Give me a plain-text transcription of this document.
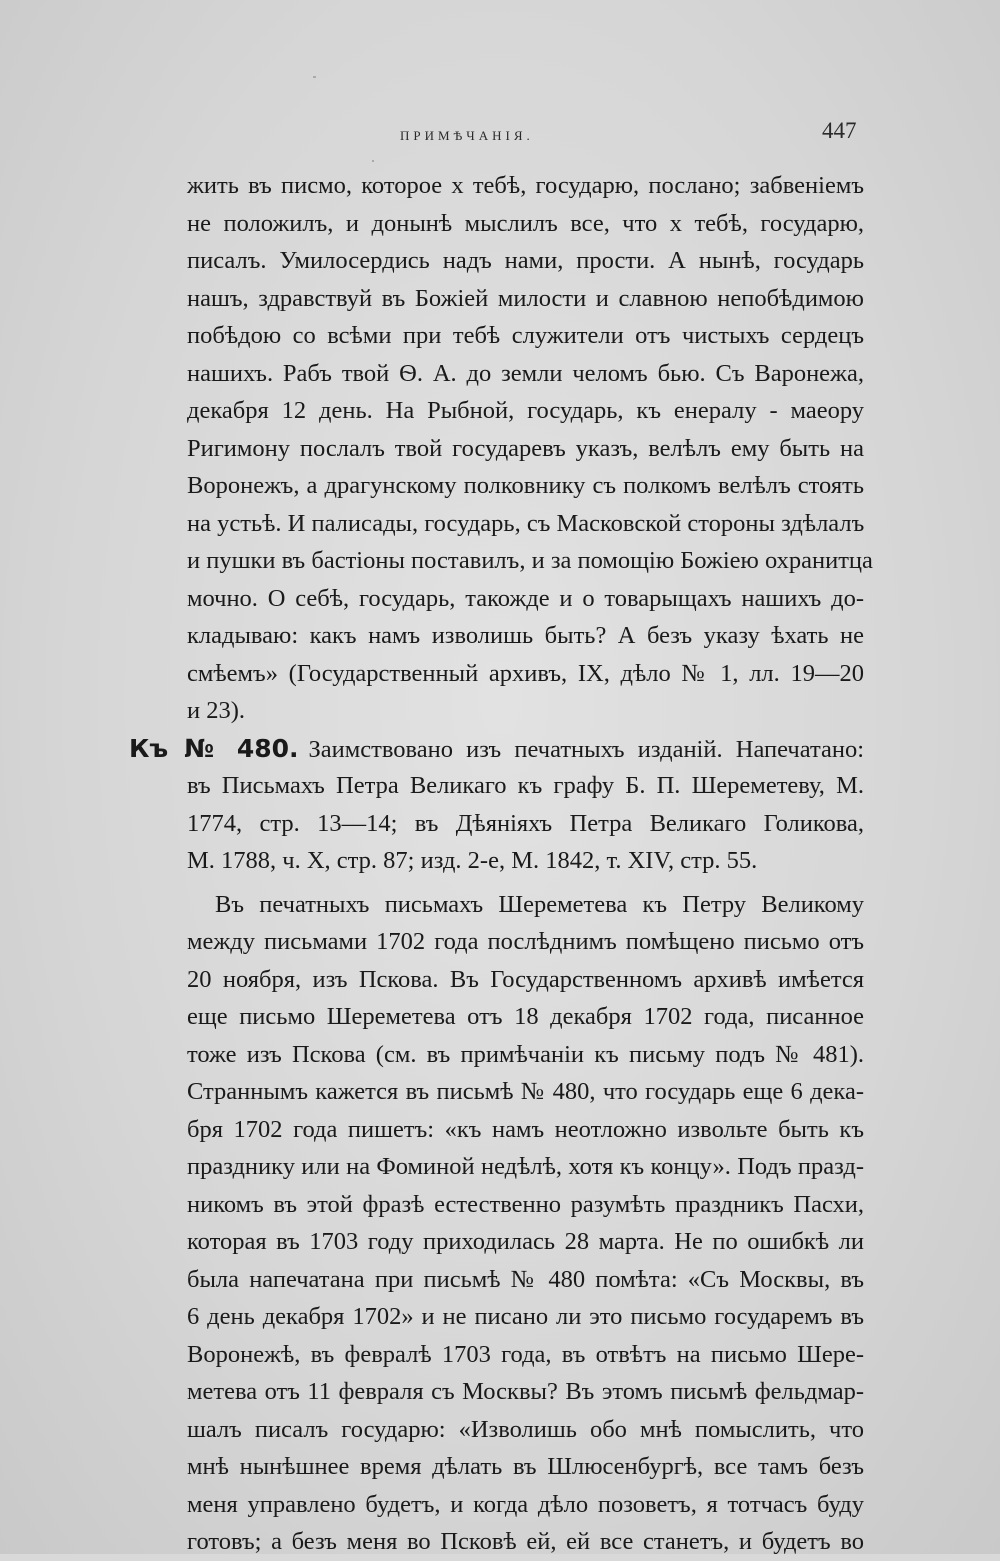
ПРИМѢЧАНІЯ.	447
жить въ писмо, которое х тебѣ, государю, послано; забвеніемъ
не положилъ, и донынѣ мыслилъ все, что х тебѣ, государю,
писалъ. Умилосердись надъ нами, прости. А нынѣ, государь
нашъ, здравствуй въ Божіей милости и славною непобѣдимою
побѣдою со всѣми при тебѣ служители отъ чистыхъ сердецъ
нашихъ. Рабъ твой Ѳ. А. до земли челомъ бью. Съ Варонежа,
декабря 12 день. На Рыбной, государь, къ енералу - маеору
Ригимону послалъ твой государевъ указъ, велѣлъ ему быть на
Воронежъ, а драгунскому полковнику съ полкомъ велѣлъ стоять
на устьѣ. И палисады, государь, съ Масковской стороны здѣлалъ
и пушки въ бастіоны поставилъ, и за помощію Божіею охранитца
мочно. О себѣ, государь, такожде и о товарыщахъ нашихъ до-
кладываю: какъ намъ изволишь быть? А безъ указу ѣхать не
смѣемъ» (Государственный архивъ, IX, дѣло № 1, лл. 19—20
и 23).
Къ № 480. Заимствовано изъ печатныхъ изданій. Напечатано:
въ Письмахъ Петра Великаго къ графу Б. П. Шереметеву, М.
1774, стр. 13—14; въ Дѣяніяхъ Петра Великаго Голикова,
М. 1788, ч. X, стр. 87; изд. 2-е, М. 1842, т. XIV, стр. 55.
Въ печатныхъ письмахъ Шереметева къ Петру Великому
между письмами 1702 года послѣднимъ помѣщено письмо отъ
20 ноября, изъ Пскова. Въ Государственномъ архивѣ имѣется
еще письмо Шереметева отъ 18 декабря 1702 года, писанное
тоже изъ Пскова (см. въ примѣчаніи къ письму подъ № 481).
Страннымъ кажется въ письмѣ № 480, что государь еще 6 дека-
бря 1702 года пишетъ: «къ намъ неотложно извольте быть къ
празднику или на Фоминой недѣлѣ, хотя къ концу». Подъ празд-
никомъ въ этой фразѣ естественно разумѣть праздникъ Пасхи,
которая въ 1703 году приходилась 28 марта. Не по ошибкѣ ли
была напечатана при письмѣ № 480 помѣта: «Съ Москвы, въ
6 день декабря 1702» и не писано ли это письмо государемъ въ
Воронежѣ, въ февралѣ 1703 года, въ отвѣтъ на письмо Шере-
метева отъ 11 февраля съ Москвы? Въ этомъ письмѣ фельдмар-
шалъ писалъ государю: «Изволишь обо мнѣ помыслить, что
мнѣ нынѣшнее время дѣлать въ Шлюсенбургѣ, все тамъ безъ
меня управлено будетъ, и когда дѣло позоветъ, я тотчасъ буду
готовъ; а безъ меня во Псковѣ ей, ей все станетъ, и будетъ во
